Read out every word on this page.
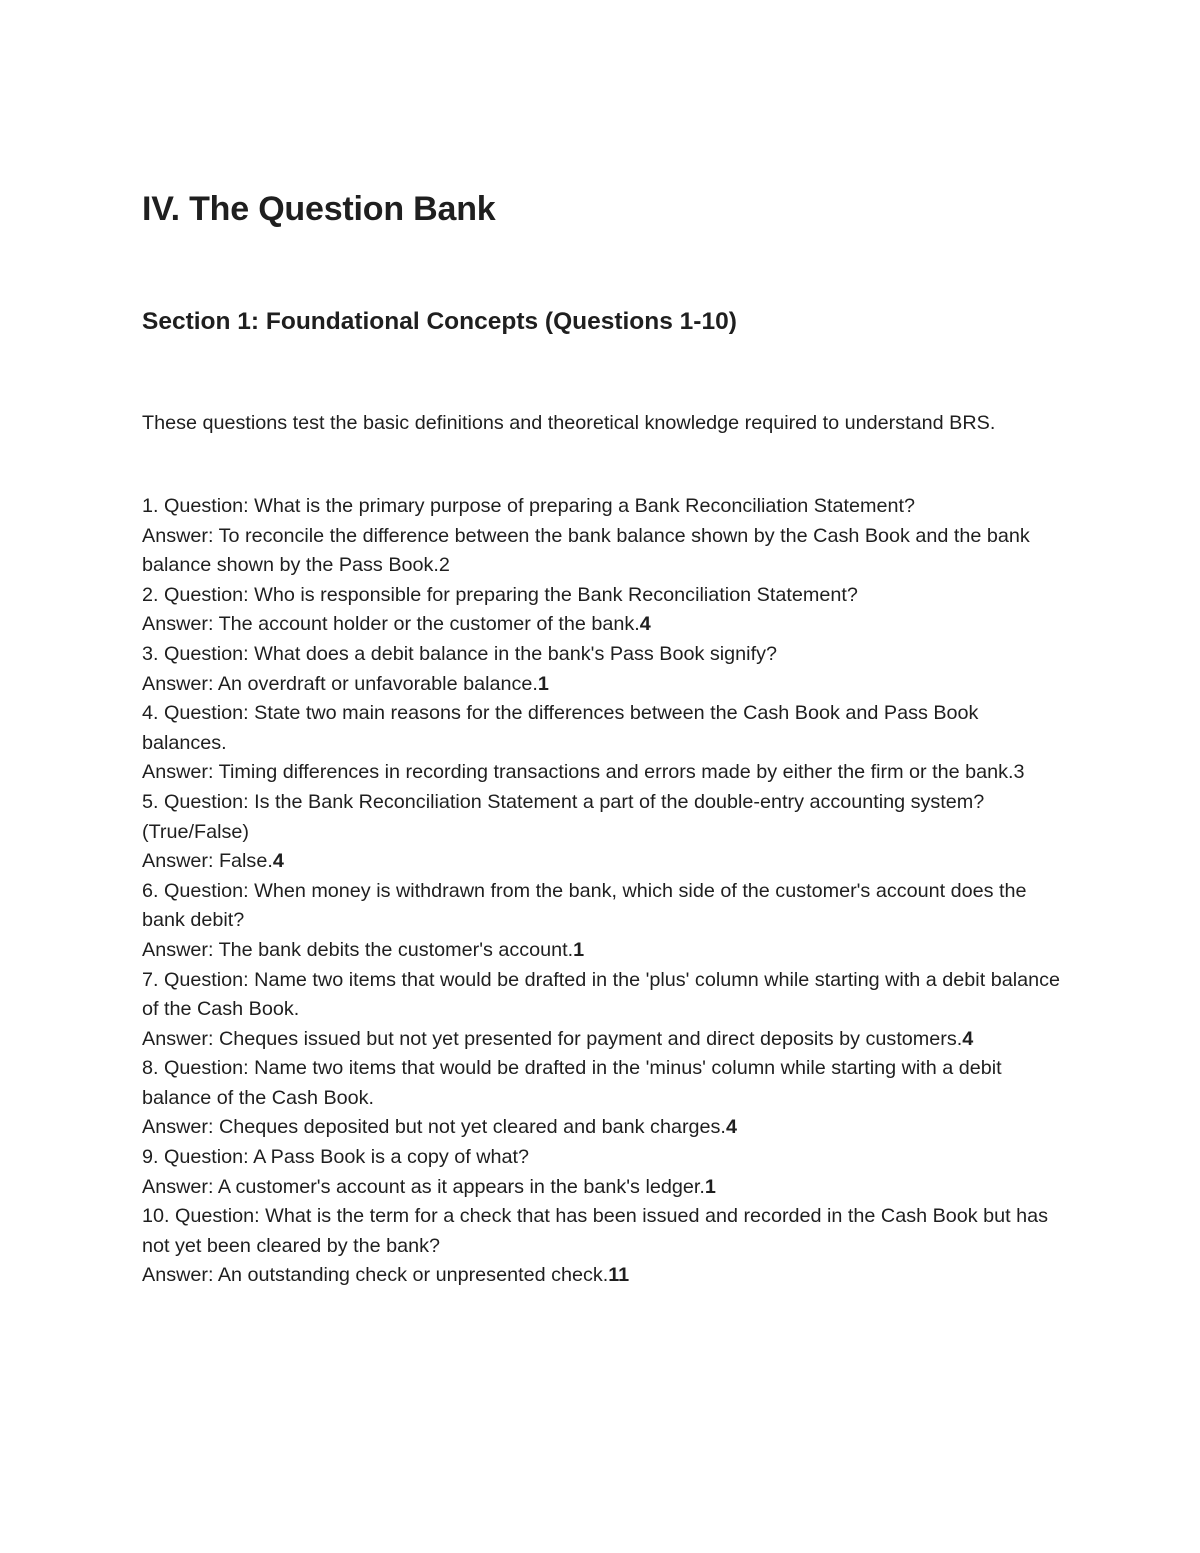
IV. The Question Bank
Section 1: Foundational Concepts (Questions 1-10)

These questions test the basic definitions and theoretical knowledge required to understand BRS.

1. Question: What is the primary purpose of preparing a Bank Reconciliation Statement?

Answer: To reconcile the difference between the bank balance shown by the Cash Book and the bank balance shown by the Pass Book.2

2. Question: Who is responsible for preparing the Bank Reconciliation Statement?

Answer: The account holder or the customer of the bank.4

3. Question: What does a debit balance in the bank's Pass Book signify?

Answer: An overdraft or unfavorable balance.1

4. Question: State two main reasons for the differences between the Cash Book and Pass Book balances.

Answer: Timing differences in recording transactions and errors made by either the firm or the bank.3

5. Question: Is the Bank Reconciliation Statement a part of the double-entry accounting system? (True/False)

Answer: False.4

6. Question: When money is withdrawn from the bank, which side of the customer's account does the bank debit?

Answer: The bank debits the customer's account.1

7. Question: Name two items that would be drafted in the 'plus' column while starting with a debit balance of the Cash Book.

Answer: Cheques issued but not yet presented for payment and direct deposits by customers.4

8. Question: Name two items that would be drafted in the 'minus' column while starting with a debit balance of the Cash Book.

Answer: Cheques deposited but not yet cleared and bank charges.4

9. Question: A Pass Book is a copy of what?

Answer: A customer's account as it appears in the bank's ledger.1

10. Question: What is the term for a check that has been issued and recorded in the Cash Book but has not yet been cleared by the bank?

Answer: An outstanding check or unpresented check.11
